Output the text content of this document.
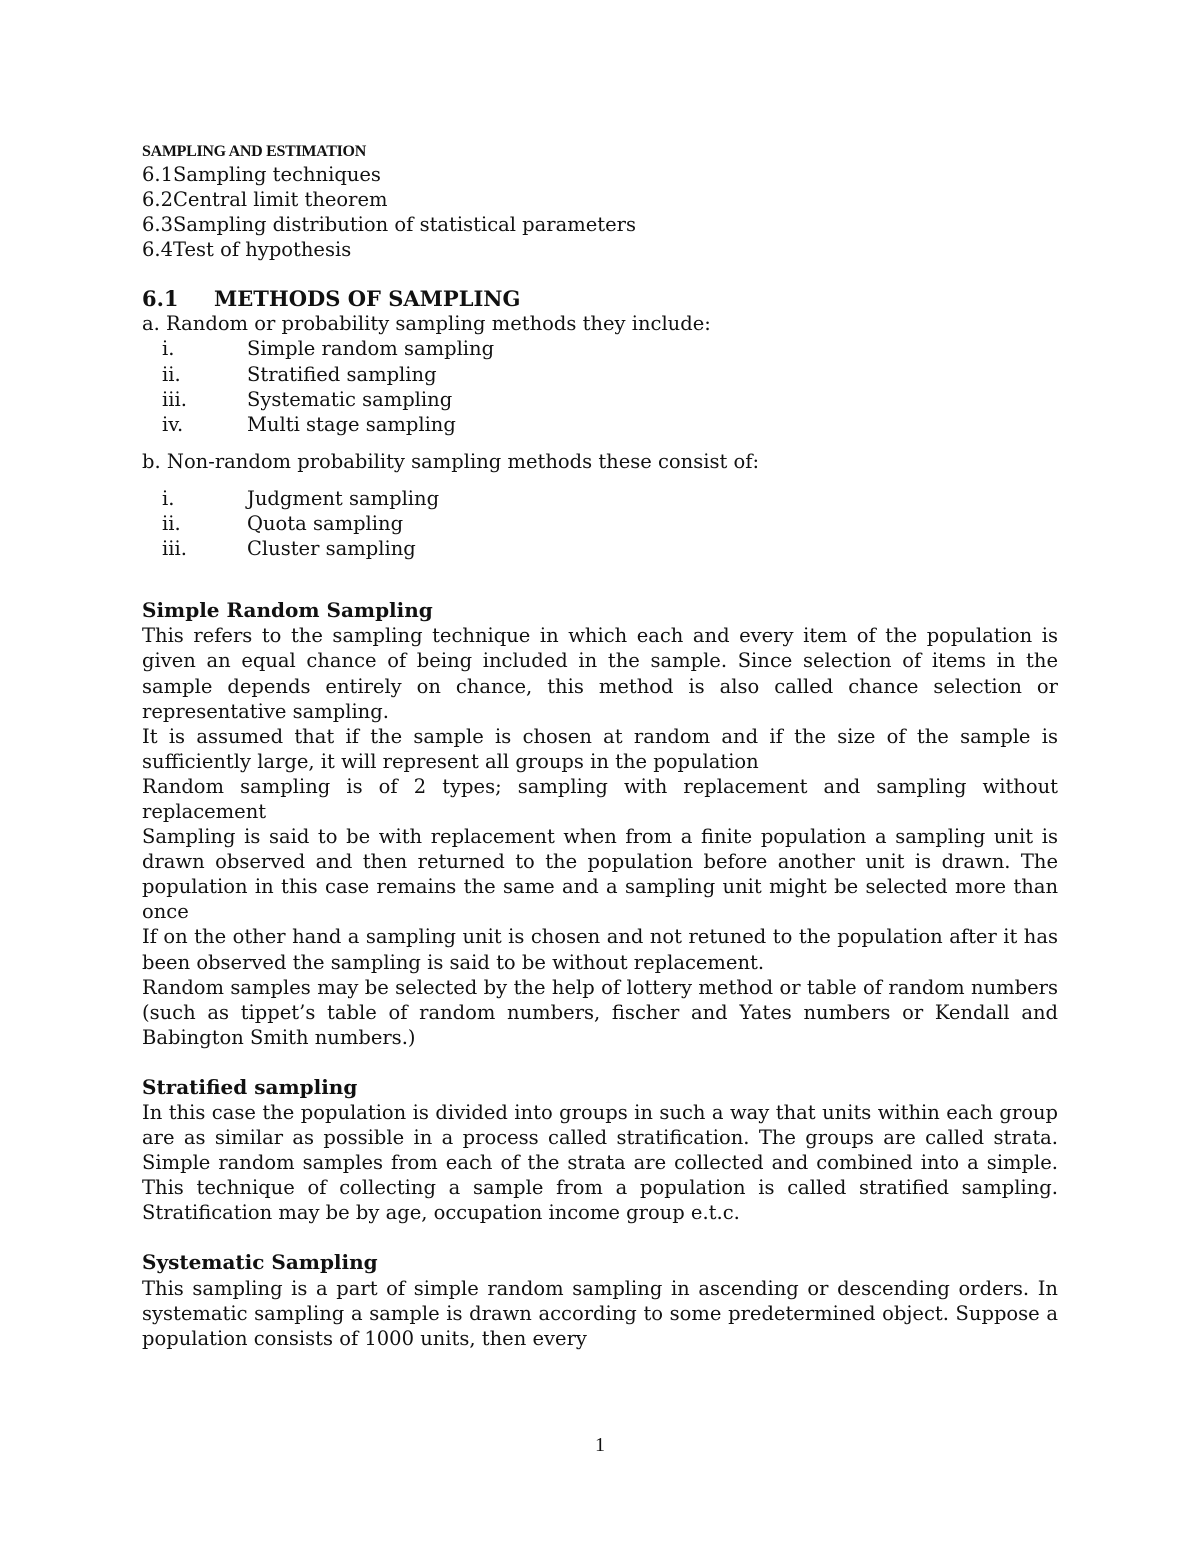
SAMPLING AND ESTIMATION

6.1Sampling techniques

6.2Central limit theorem

6.3Sampling distribution of statistical parameters

6.4Test of hypothesis

6.1 METHODS OF SAMPLING

a. Random or probability sampling methods they include:

i.	Simple random sampling
ii.	Stratified sampling
iii.	Systematic sampling
iv.	Multi stage sampling

b. Non-random probability sampling methods these consist of:

i.	Judgment sampling
ii.	Quota sampling
iii.	Cluster sampling

Simple Random Sampling

This refers to the sampling technique in which each and every item of the population is given an equal chance of being included in the sample. Since selection of items in the sample depends entirely on chance, this method is also called chance selection or representative sampling.

It is assumed that if the sample is chosen at random and if the size of the sample is sufficiently large, it will represent all groups in the population

Random sampling is of 2 types; sampling with replacement and sampling without replacement

Sampling is said to be with replacement when from a finite population a sampling unit is drawn observed and then returned to the population before another unit is drawn. The population in this case remains the same and a sampling unit might be selected more than once

If on the other hand a sampling unit is chosen and not retuned to the population after it has been observed the sampling is said to be without replacement.

Random samples may be selected by the help of lottery method or table of random numbers (such as tippet’s table of random numbers, fischer and Yates numbers or Kendall and Babington Smith numbers.)

Stratified sampling

In this case the population is divided into groups in such a way that units within each group are as similar as possible in a process called stratification. The groups are called strata. Simple random samples from each of the strata are collected and combined into a simple. This technique of collecting a sample from a population is called stratified sampling. Stratification may be by age, occupation income group e.t.c.

Systematic Sampling

This sampling is a part of simple random sampling in ascending or descending orders. In systematic sampling a sample is drawn according to some predetermined object. Suppose a population consists of 1000 units, then every

1
